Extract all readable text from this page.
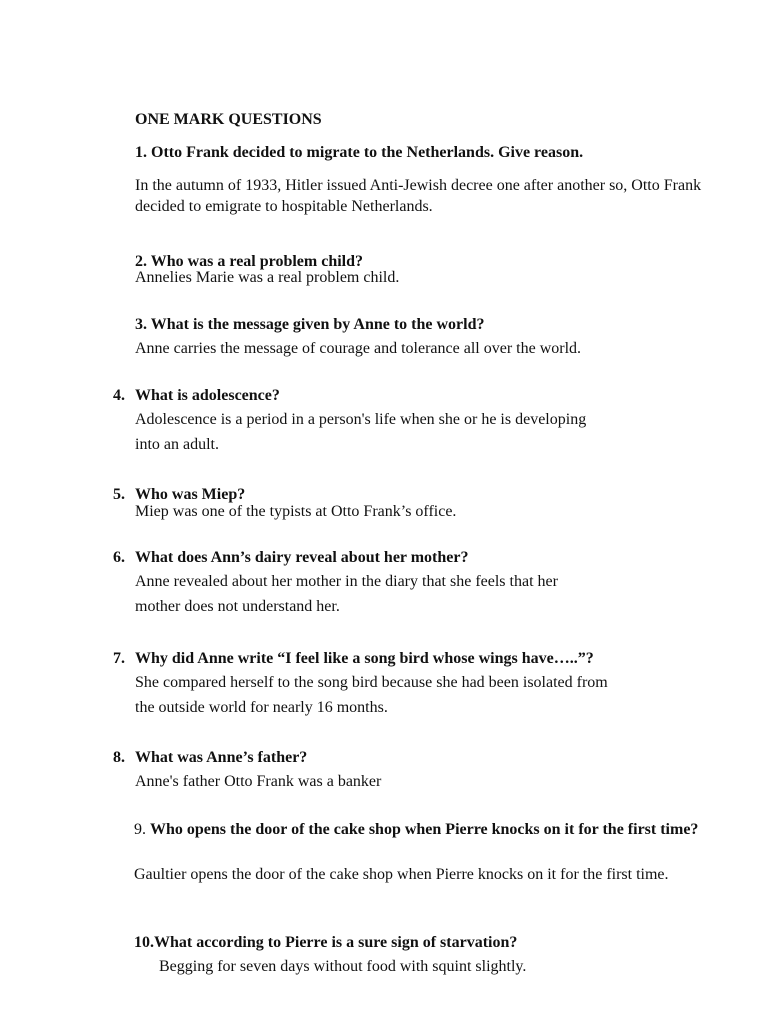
ONE MARK QUESTIONS
1. Otto Frank decided to migrate to the Netherlands. Give reason.
In the autumn of 1933, Hitler issued Anti-Jewish decree one after another so, Otto Frank decided to emigrate to hospitable Netherlands.
2. Who was a real problem child?
Annelies Marie was a real problem child.
3. What is the message given by Anne to the world?
Anne carries the message of courage and tolerance all over the world.
4. What is adolescence?
Adolescence is a period in a person's life when she or he is developing
into an adult.
5. Who was Miep?
Miep was one of the typists at Otto Frank’s office.
6. What does Ann’s dairy reveal about her mother?
Anne revealed about her mother in the diary that she feels that her
mother does not understand her.
7. Why did Anne write “I feel like a song bird whose wings have…..”?
She compared herself to the song bird because she had been isolated from
the outside world for nearly 16 months.
8. What was Anne’s father?
Anne's father Otto Frank was a banker
9. Who opens the door of the cake shop when Pierre knocks on it for the first time?
Gaultier opens the door of the cake shop when Pierre knocks on it for the first time.
10.What according to Pierre is a sure sign of starvation?
Begging for seven days without food with squint slightly.
